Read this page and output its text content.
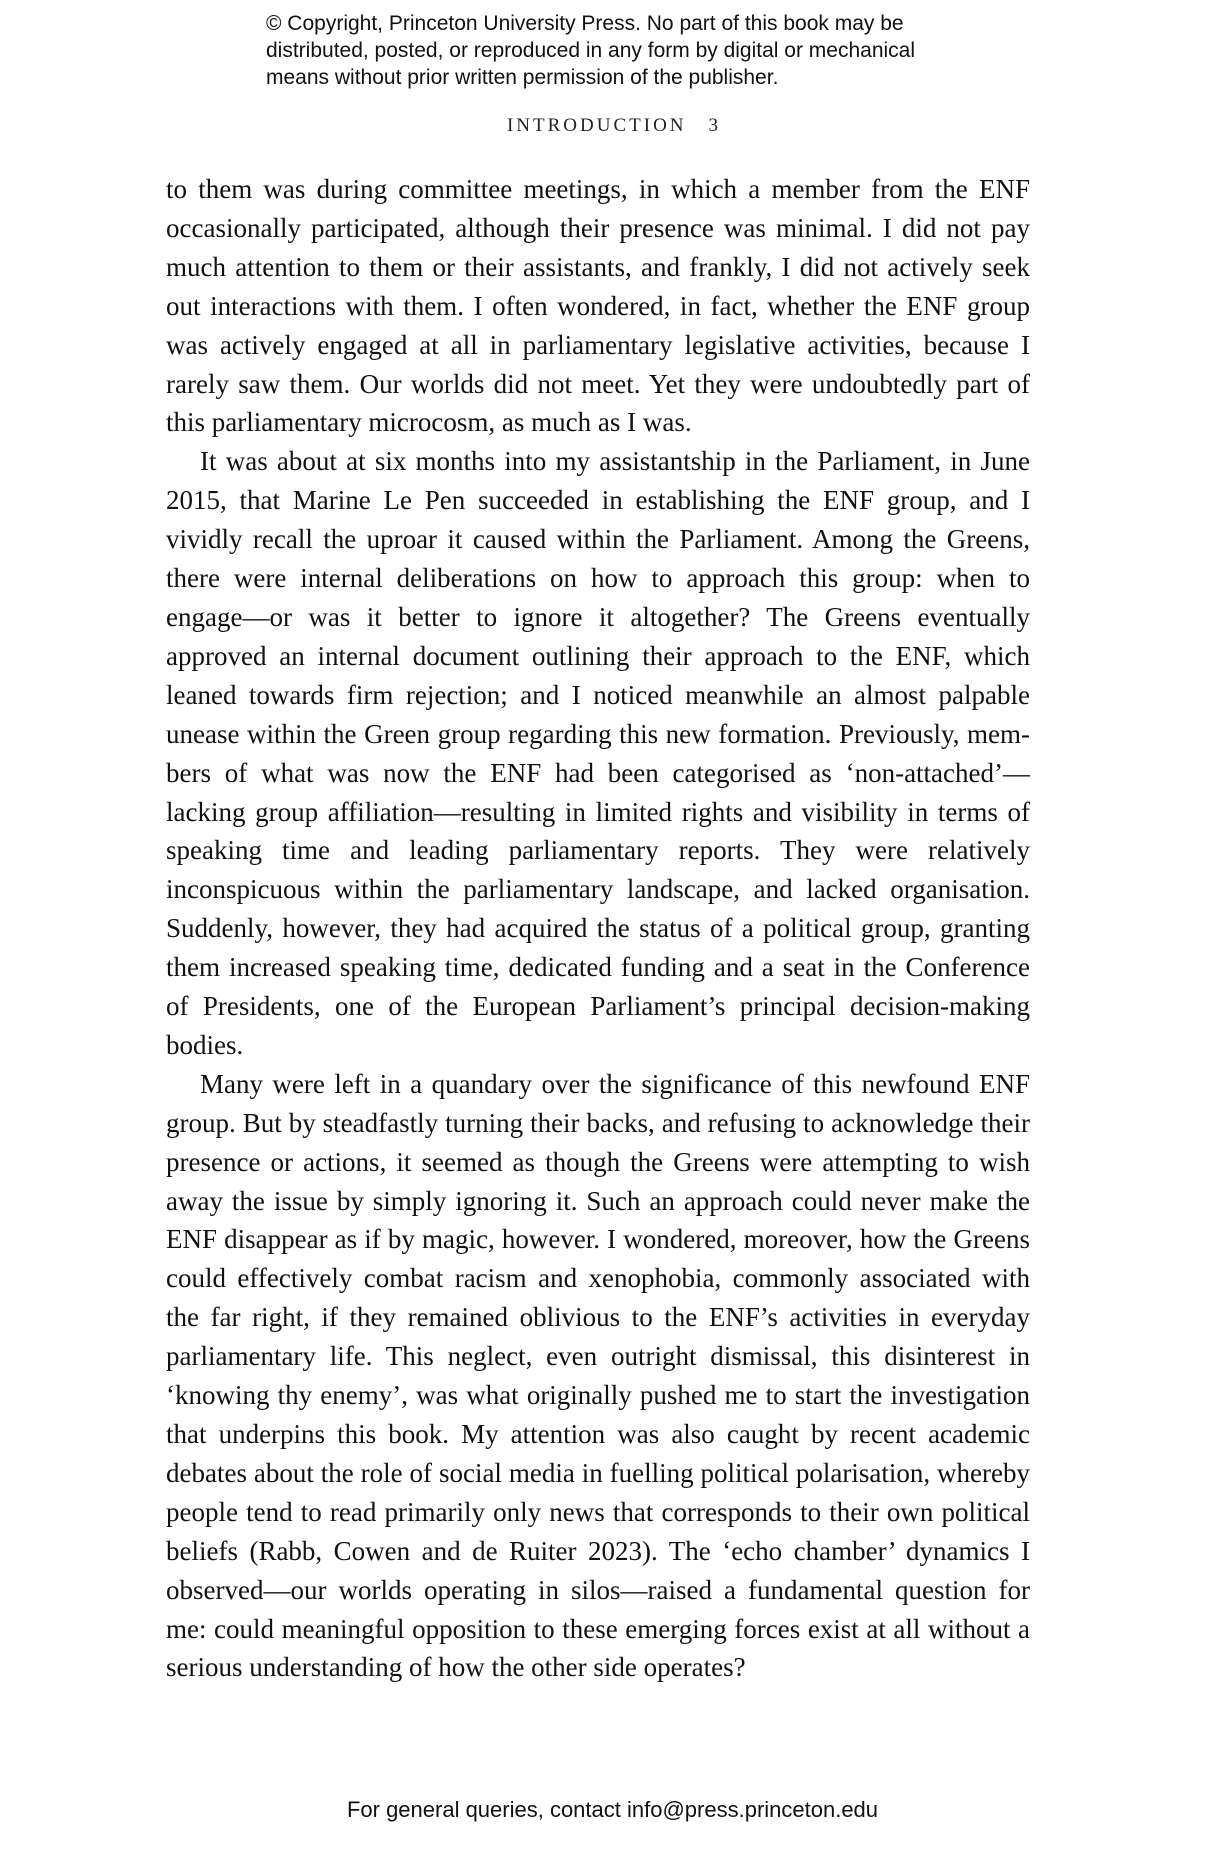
© Copyright, Princeton University Press. No part of this book may be
distributed, posted, or reproduced in any form by digital or mechanical
means without prior written permission of the publisher.
INTRODUCTION 3

to them was during committee meetings, in which a member from the ENF occasionally participated, although their presence was minimal. I did not pay much attention to them or their assistants, and frankly, I did not actively seek out interactions with them. I often wondered, in fact, whether the ENF group was actively engaged at all in parliamentary legislative activities, because I rarely saw them. Our worlds did not meet. Yet they were undoubtedly part of this parliamentary microcosm, as much as I was.

It was about at six months into my assistantship in the Parliament, in June 2015, that Marine Le Pen succeeded in establishing the ENF group, and I vividly recall the uproar it caused within the Parliament. Among the Greens, there were internal deliberations on how to approach this group: when to engage—or was it better to ignore it altogether? The Greens eventually approved an internal document outlining their approach to the ENF, which leaned towards firm rejection; and I noticed meanwhile an almost palpable unease within the Green group regarding this new formation. Previously, members of what was now the ENF had been categorised as ‘non-attached’—lacking group affiliation—resulting in limited rights and visibility in terms of speaking time and leading parliamentary reports. They were relatively inconspicuous within the parliamentary landscape, and lacked organisation. Suddenly, however, they had acquired the status of a political group, granting them increased speaking time, dedicated funding and a seat in the Conference of Presidents, one of the European Parliament’s principal decision-making bodies.

Many were left in a quandary over the significance of this newfound ENF group. But by steadfastly turning their backs, and refusing to acknowledge their presence or actions, it seemed as though the Greens were attempting to wish away the issue by simply ignoring it. Such an approach could never make the ENF disappear as if by magic, however. I wondered, moreover, how the Greens could effectively combat racism and xenophobia, commonly associated with the far right, if they remained oblivious to the ENF’s activities in everyday parliamentary life. This neglect, even outright dismissal, this disinterest in ‘knowing thy enemy’, was what originally pushed me to start the investigation that underpins this book. My attention was also caught by recent academic debates about the role of social media in fuelling political polarisation, whereby people tend to read primarily only news that corresponds to their own political beliefs (Rabb, Cowen and de Ruiter 2023). The ‘echo chamber’ dynamics I observed—our worlds operating in silos—raised a fundamental question for me: could meaningful opposition to these emerging forces exist at all without a serious understanding of how the other side operates?

For general queries, contact info@press.princeton.edu
